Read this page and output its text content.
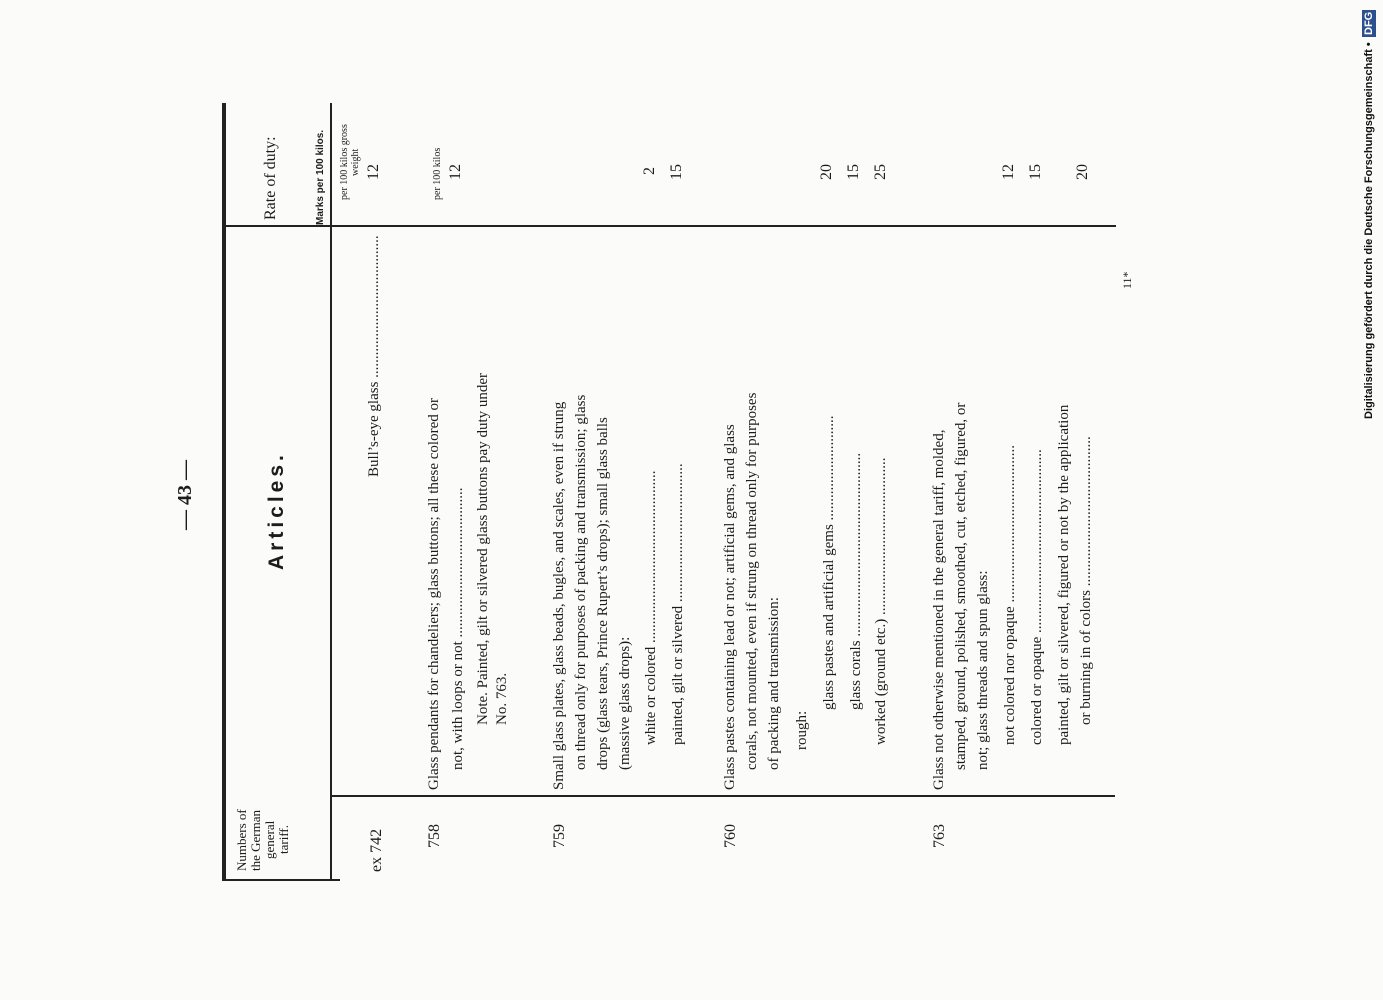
— 43 —
Numbers of the German general tariff.
Articles.
Rate of duty:	Marks per 100 kilos.
ex 742
Bull’s-eye glass ......................................
per 100 kilos gross weight 12
758
Glass pendants for chandeliers; glass buttons; all these colored or not, with loops or not ........................................ Note. Painted, gilt or silvered glass buttons pay duty under No. 763.
per 100 kilos 12
759
Small glass plates, glass beads, bugles, and scales, even if strung on thread only for purposes of packing and transmission; glass drops (glass tears, Prince Rupert’s drops); small glass balls (massive glass drops): white or colored .............................................. painted, gilt or silvered .....................................
2 15
760
Glass pastes containing lead or not; artificial gems, and glass corals, not mounted, even if strung on thread only for purposes of packing and transmission: rough:
glass pastes and artificial gems ............................ glass corals ................................................. worked (ground etc.) ..........................................
20 15 25
763
Glass not otherwise mentioned in the general tariff, molded, stamped, ground, polished, smoothed, cut, etched, figured, or not; glass threads and spun glass: not colored nor opaque .......................................... colored or opaque ................................................. painted, gilt or silvered, figured or not by the application or burning in of colors ........................................
12 15 20
11*	Digitalisierung gefördert durch die Deutsche Forschungsgemeinschaft • DFG
